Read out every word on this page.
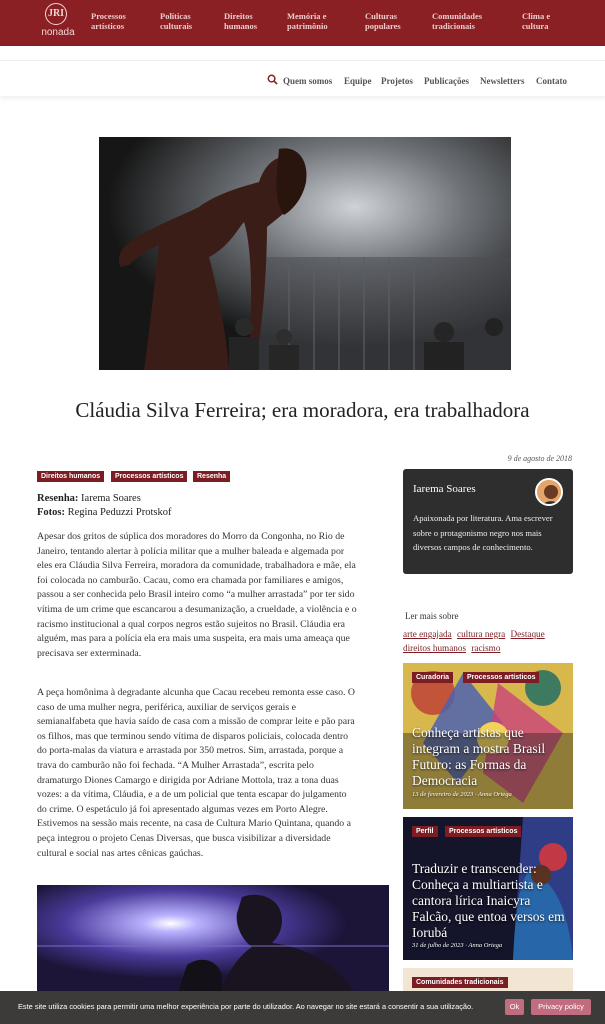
JRI
nonada
Processos artísticos
Políticas culturais
Direitos humanos
Memória e patrimônio
Culturas populares
Comunidades tradicionais
Clima e cultura
Quem somos Equipe Projetos Publicações Newsletters Contato
Cláudia Silva Ferreira; era moradora, era trabalhadora
9 de agosto de 2018
Direitos humanos	Processos artísticos	Resenha
Resenha: Iarema Soares
Fotos: Regina Peduzzi Protskof

Apesar dos gritos de súplica dos moradores do Morro da Congonha, no Rio de Janeiro, tentando alertar à polícia militar que a mulher baleada e algemada por eles era Cláudia Silva Ferreira, moradora da comunidade, trabalhadora e mãe, ela foi colocada no camburão. Cacau, como era chamada por familiares e amigos, passou a ser conhecida pelo Brasil inteiro como “a mulher arrastada” por ter sido vítima de um crime que escancarou a desumanização, a crueldade, a violência e o racismo institucional a qual corpos negros estão sujeitos no Brasil. Cláudia era alguém, mas para a polícia ela era mais uma suspeita, era mais uma ameaça que precisava ser exterminada.

A peça homônima à degradante alcunha que Cacau recebeu remonta esse caso. O caso de uma mulher negra, periférica, auxiliar de serviços gerais e semianalfabeta que havia saído de casa com a missão de comprar leite e pão para os filhos, mas que terminou sendo vítima de disparos policiais, colocada dentro do porta-malas da viatura e arrastada por 350 metros. Sim, arrastada, porque a trava do camburão não foi fechada. “A Mulher Arrastada”, escrita pelo dramaturgo Diones Camargo e dirigida por Adriane Mottola, traz a tona duas vozes: a da vítima, Cláudia, e a de um policial que tenta escapar do julgamento do crime. O espetáculo já foi apresentado algumas vezes em Porto Alegre. Estivemos na sessão mais recente, na casa de Cultura Mario Quintana, quando a peça integrou o projeto Cenas Diversas, que busca visibilizar a diversidade cultural e social nas artes cênicas gaúchas.

Iarema Soares
Apaixonada por literatura. Ama escrever sobre o protagonismo negro nos mais diversos campos de conhecimento.
Ler mais sobre
arte engajada cultura negra Destaque direitos humanos racismo
Curadoria	Processos artísticos
Conheça artistas que integram a mostra Brasil Futuro: as Formas da Democracia
13 de fevereiro de 2023 · Anna Ortega
Perfil	Processos artísticos
Traduzir e transcender: Conheça a multiartista e cantora lírica Inaicyra Falcão, que entoa versos em Iorubá
31 de julho de 2023 · Anna Ortega
Comunidades tradicionais
Este site utiliza cookies para permitir uma melhor experiência por parte do utilizador. Ao navegar no site estará a consentir a sua utilização.	Ok	Privacy policy
